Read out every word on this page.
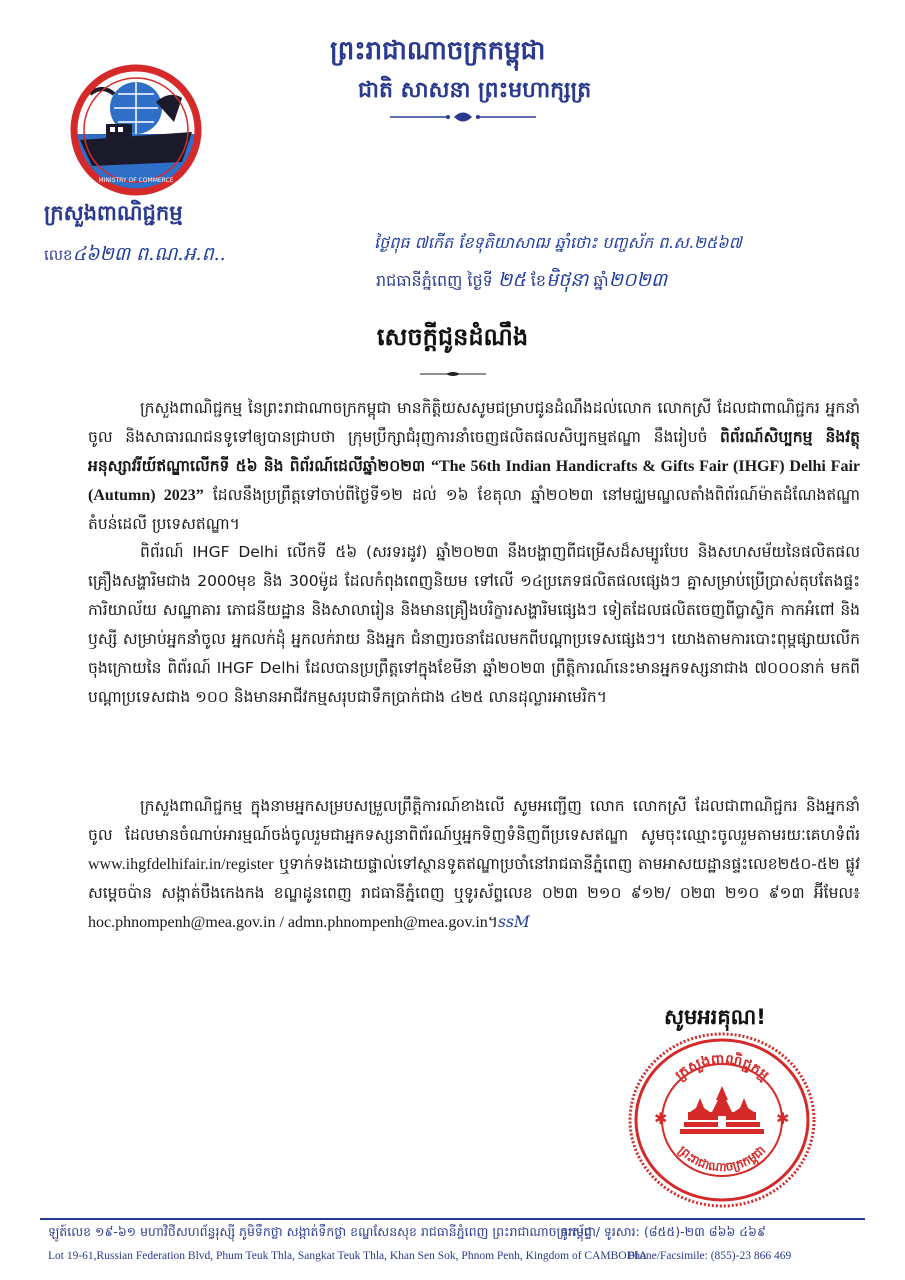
ព្រះរាជាណាចក្រកម្ពុជា
ជាតិ សាសនា ព្រះមហាក្សត្រ
MINISTRY OF COMMERCE
ក្រសួងពាណិជ្ជកម្ម
លេខ៤៦២៣ ព.ណ.អ.ព..
ថ្ងៃពុធ ៧កើត ខែទុតិយាសាឍ ឆ្នាំថោះ បញ្ចស័ក ព.ស.២៥៦៧
រាជធានីភ្នំពេញ ថ្ងៃទី ២៥ ខែមិថុនា ឆ្នាំ២០២៣
សេចក្តីជូនដំណឹង

ក្រសួងពាណិជ្ជកម្ម នៃព្រះរាជាណាចក្រកម្ពុជា មានកិត្តិយសសូមជម្រាបជូនដំណឹងដល់លោក លោកស្រី ដែលជាពាណិជ្ជករ អ្នកនាំចូល និងសាធារណជនទូទៅឲ្យបានជ្រាបថា ក្រុមប្រឹក្សាជំរុញការនាំចេញផលិតផលសិប្បកម្មឥណ្ឌា នឹងរៀបចំ ពិព័រណ៍សិប្បកម្ម និងវត្ថុអនុស្សាវរីយ៍ឥណ្ឌាលើកទី ៥៦ និង ពិព័រណ៍ដេលីឆ្នាំ២០២៣ “The 56th Indian Handicrafts & Gifts Fair (IHGF) Delhi Fair (Autumn) 2023” ដែលនឹងប្រព្រឹត្តទៅចាប់ពីថ្ងៃទី១២ ដល់ ១៦ ខែតុលា ឆ្នាំ២០២៣ នៅមជ្ឈមណ្ឌលតាំងពិព័រណ៍ម៉ាតដំណែងឥណ្ឌា តំបន់ដេលី ប្រទេសឥណ្ឌា។

ពិព័រណ៍ IHGF Delhi លើកទី ៥៦ (សរទរដូវ) ឆ្នាំ២០២៣ នឹងបង្ហាញពីជម្រើសដ៏សម្បូរបែប និងសហសម័យនៃផលិតផលគ្រឿងសង្ហារិមជាង 2000មុខ និង 300ម៉ូដ ដែលកំពុងពេញនិយម ទៅលើ ១៤ប្រភេទផលិតផលផ្សេងៗ គ្នាសម្រាប់ប្រើប្រាស់តុបតែងផ្ទះ ការិយាល័យ សណ្ឋាគារ ភោជនីយដ្ឋាន និងសាលារៀន និងមានគ្រឿងបរិក្ខារសង្ហារិមផ្សេងៗ ទៀតដែលផលិតចេញពីប្លាស្ទិក កាកអំពៅ និងឫស្សី សម្រាប់អ្នកនាំចូល អ្នកលក់ដុំ អ្នកលក់រាយ និងអ្នក ជំនាញរចនាដែលមកពីបណ្តាប្រទេសផ្សេងៗ។ យោងតាមការបោះពុម្ពផ្សាយលើកចុងក្រោយនៃ ពិព័រណ៍ IHGF Delhi ដែលបានប្រព្រឹត្តទៅក្នុងខែមីនា ឆ្នាំ២០២៣ ព្រឹត្តិការណ៍នេះមានអ្នកទស្សនាជាង ៧០០០នាក់ មកពីបណ្តាប្រទេសជាង ១០០ និងមានអាជីវកម្មសរុបជាទឹកប្រាក់ជាង ៤២៥ លានដុល្លារអាមេរិក។

ក្រសួងពាណិជ្ជកម្ម ក្នុងនាមអ្នកសម្របសម្រួលព្រឹត្តិការណ៍ខាងលើ សូមអញ្ជើញ លោក លោកស្រី ដែលជាពាណិជ្ជករ និងអ្នកនាំចូល ដែលមានចំណាប់អារម្មណ៍ចង់ចូលរួមជាអ្នកទស្សនាពិព័រណ៍ឬអ្នកទិញទំនិញពីប្រទេសឥណ្ឌា សូមចុះឈ្មោះចូលរួមតាមរយៈគេហទំព័រ www.ihgfdelhifair.in/register ឬទាក់ទងដោយផ្ទាល់ទៅស្ថានទូតឥណ្ឌាប្រចាំនៅរាជធានីភ្នំពេញ តាមអាសយដ្ឋានផ្ទះលេខ២៥០-៥២ ផ្លូវសម្តេចប៉ាន សង្កាត់បឹងកេងកង ខណ្ឌដូនពេញ រាជធានីភ្នំពេញ ឬទូរស័ព្ទលេខ ០២៣ ២១០ ៩១២/ ០២៣ ២១០ ៩១៣ អ៊ីមែល៖hoc.phnompenh@mea.gov.in / admn.phnompenh@mea.gov.in។ssM

សូមអរគុណ!
ក្រសួងពាណិជ្ជកម្ម
ព្រះរាជាណាចក្រកម្ពុជា
✱	✱
ឡូត៍លេខ ១៩-៦១ មហាវិថីសហព័ន្ធរុស្ស៊ី ភូមិទឹកថ្លា សង្កាត់ទឹកថ្លា ខណ្ឌសែនសុខ រាជធានីភ្នំពេញ ព្រះរាជាណាចក្រកម្ពុជា
ទូរស័ព្ទ / ទូរសារ: (៨៥៥)-២៣ ៨៦៦ ៤៦៩
Lot 19-61,Russian Federation Blvd, Phum Teuk Thla, Sangkat Teuk Thla, Khan Sen Sok, Phnom Penh, Kingdom of CAMBODIA
Phone/Facsimile: (855)-23 866 469
